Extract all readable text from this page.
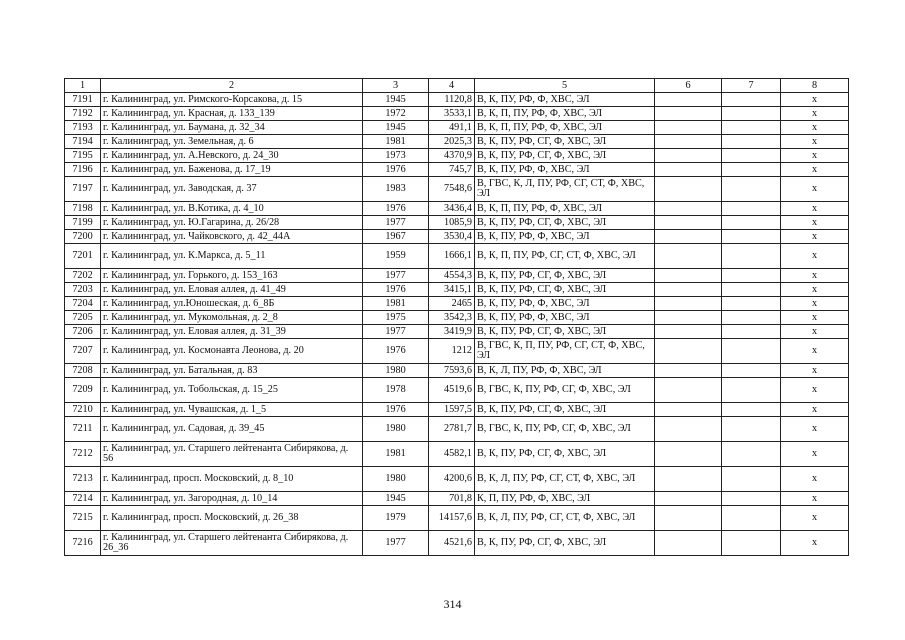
1	2	3	4	5	6	7	8
7191	г. Калининград, ул. Римского-Корсакова, д. 15	1945	1120,8	В, К, ПУ, РФ, Ф, ХВС, ЭЛ			x
7192	г. Калининград, ул. Красная, д. 133_139	1972	3533,1	В, К, П, ПУ, РФ, Ф, ХВС, ЭЛ			x
7193	г. Калининград, ул. Баумана, д. 32_34	1945	491,1	В, К, П, ПУ, РФ, Ф, ХВС, ЭЛ			x
7194	г. Калининград, ул. Земельная, д. 6	1981	2025,3	В, К, ПУ, РФ, СГ, Ф, ХВС, ЭЛ			x
7195	г. Калининград, ул. А.Невского, д. 24_30	1973	4370,9	В, К, ПУ, РФ, СГ, Ф, ХВС, ЭЛ			x
7196	г. Калининград, ул. Баженова, д. 17_19	1976	745,7	В, К, ПУ, РФ, Ф, ХВС, ЭЛ			x
7197	г. Калининград, ул. Заводская, д. 37	1983	7548,6	В, ГВС, К, Л, ПУ, РФ, СГ, СТ, Ф, ХВС, ЭЛ			x
7198	г. Калининград, ул. В.Котика, д. 4_10	1976	3436,4	В, К, П, ПУ, РФ, Ф, ХВС, ЭЛ			x
7199	г. Калининград, ул. Ю.Гагарина, д. 26/28	1977	1085,9	В, К, ПУ, РФ, СГ, Ф, ХВС, ЭЛ			x
7200	г. Калининград, ул. Чайковского, д. 42_44А	1967	3530,4	В, К, ПУ, РФ, Ф, ХВС, ЭЛ			x
7201	г. Калининград, ул. К.Маркса, д. 5_11	1959	1666,1	В, К, П, ПУ, РФ, СГ, СТ, Ф, ХВС, ЭЛ			x
7202	г. Калининград, ул. Горького, д. 153_163	1977	4554,3	В, К, ПУ, РФ, СГ, Ф, ХВС, ЭЛ			x
7203	г. Калининград, ул. Еловая аллея, д. 41_49	1976	3415,1	В, К, ПУ, РФ, СГ, Ф, ХВС, ЭЛ			x
7204	г. Калининград, ул.Юношеская, д. 6_8Б	1981	2465	В, К, ПУ, РФ, Ф, ХВС, ЭЛ			x
7205	г. Калининград, ул. Мукомольная, д. 2_8	1975	3542,3	В, К, ПУ, РФ, Ф, ХВС, ЭЛ			x
7206	г. Калининград, ул. Еловая аллея, д. 31_39	1977	3419,9	В, К, ПУ, РФ, СГ, Ф, ХВС, ЭЛ			x
7207	г. Калининград, ул. Космонавта Леонова, д. 20	1976	1212	В, ГВС, К, П, ПУ, РФ, СГ, СТ, Ф, ХВС, ЭЛ			x
7208	г. Калининград, ул. Батальная, д. 83	1980	7593,6	В, К, Л, ПУ, РФ, Ф, ХВС, ЭЛ			x
7209	г. Калининград, ул. Тобольская, д. 15_25	1978	4519,6	В, ГВС, К, ПУ, РФ, СГ, Ф, ХВС, ЭЛ			x
7210	г. Калининград, ул. Чувашская, д. 1_5	1976	1597,5	В, К, ПУ, РФ, СГ, Ф, ХВС, ЭЛ			x
7211	г. Калининград, ул. Садовая, д. 39_45	1980	2781,7	В, ГВС, К, ПУ, РФ, СГ, Ф, ХВС, ЭЛ			x
7212	г. Калининград, ул. Старшего лейтенанта Сибирякова, д. 56	1981	4582,1	В, К, ПУ, РФ, СГ, Ф, ХВС, ЭЛ			x
7213	г. Калининград, просп. Московский, д. 8_10	1980	4200,6	В, К, Л, ПУ, РФ, СГ, СТ, Ф, ХВС, ЭЛ			x
7214	г. Калининград, ул. Загородная, д. 10_14	1945	701,8	К, П, ПУ, РФ, Ф, ХВС, ЭЛ			x
7215	г. Калининград, просп. Московский, д. 26_38	1979	14157,6	В, К, Л, ПУ, РФ, СГ, СТ, Ф, ХВС, ЭЛ			x
7216	г. Калининград, ул. Старшего лейтенанта Сибирякова, д. 26_36	1977	4521,6	В, К, ПУ, РФ, СГ, Ф, ХВС, ЭЛ			x
314
